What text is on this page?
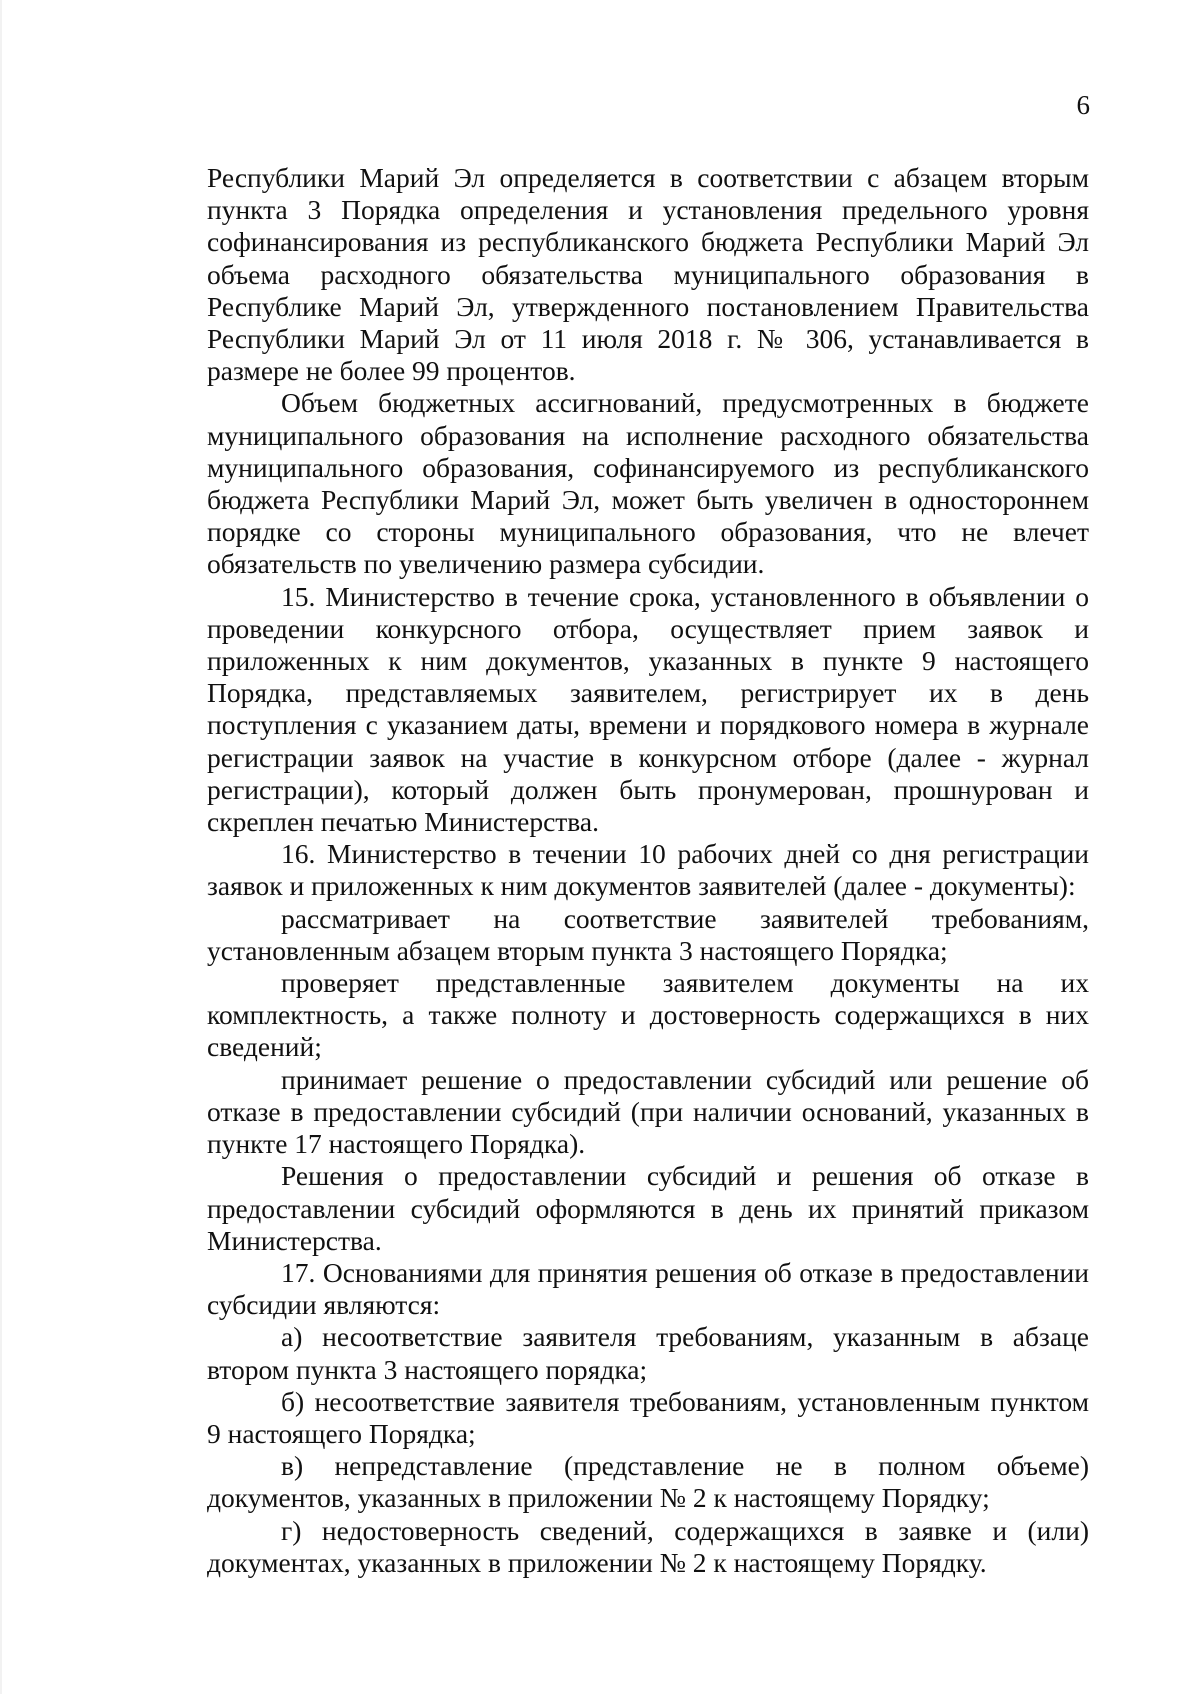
6

Республики Марий Эл определяется в соответствии с абзацем вторым пункта 3 Порядка определения и установления предельного уровня софинансирования из республиканского бюджета Республики Марий Эл объема расходного обязательства муниципального образования в Республике Марий Эл, утвержденного постановлением Правительства Республики Марий Эл от 11 июля 2018 г. № 306, устанавливается в размере не более 99 процентов.

Объем бюджетных ассигнований, предусмотренных в бюджете муниципального образования на исполнение расходного обязательства муниципального образования, софинансируемого из республиканского бюджета Республики Марий Эл, может быть увеличен в одностороннем порядке со стороны муниципального образования, что не влечет обязательств по увеличению размера субсидии.

15. Министерство в течение срока, установленного в объявлении о проведении конкурсного отбора, осуществляет прием заявок и приложенных к ним документов, указанных в пункте 9 настоящего Порядка, представляемых заявителем, регистрирует их в день поступления с указанием даты, времени и порядкового номера в журнале регистрации заявок на участие в конкурсном отборе (далее - журнал регистрации), который должен быть пронумерован, прошнурован и скреплен печатью Министерства.

16. Министерство в течении 10 рабочих дней со дня регистрации заявок и приложенных к ним документов заявителей (далее - документы):

рассматривает на соответствие заявителей требованиям, установленным абзацем вторым пункта 3 настоящего Порядка;

проверяет представленные заявителем документы на их комплектность, а также полноту и достоверность содержащихся в них сведений;

принимает решение о предоставлении субсидий или решение об отказе в предоставлении субсидий (при наличии оснований, указанных в пункте 17 настоящего Порядка).

Решения о предоставлении субсидий и решения об отказе в предоставлении субсидий оформляются в день их принятий приказом Министерства.

17. Основаниями для принятия решения об отказе в предоставлении субсидии являются:

а) несоответствие заявителя требованиям, указанным в абзаце втором пункта 3 настоящего порядка;

б) несоответствие заявителя требованиям, установленным пунктом 9 настоящего Порядка;

в) непредставление (представление не в полном объеме) документов, указанных в приложении № 2 к настоящему Порядку;

г) недостоверность сведений, содержащихся в заявке и (или) документах, указанных в приложении № 2 к настоящему Порядку.
